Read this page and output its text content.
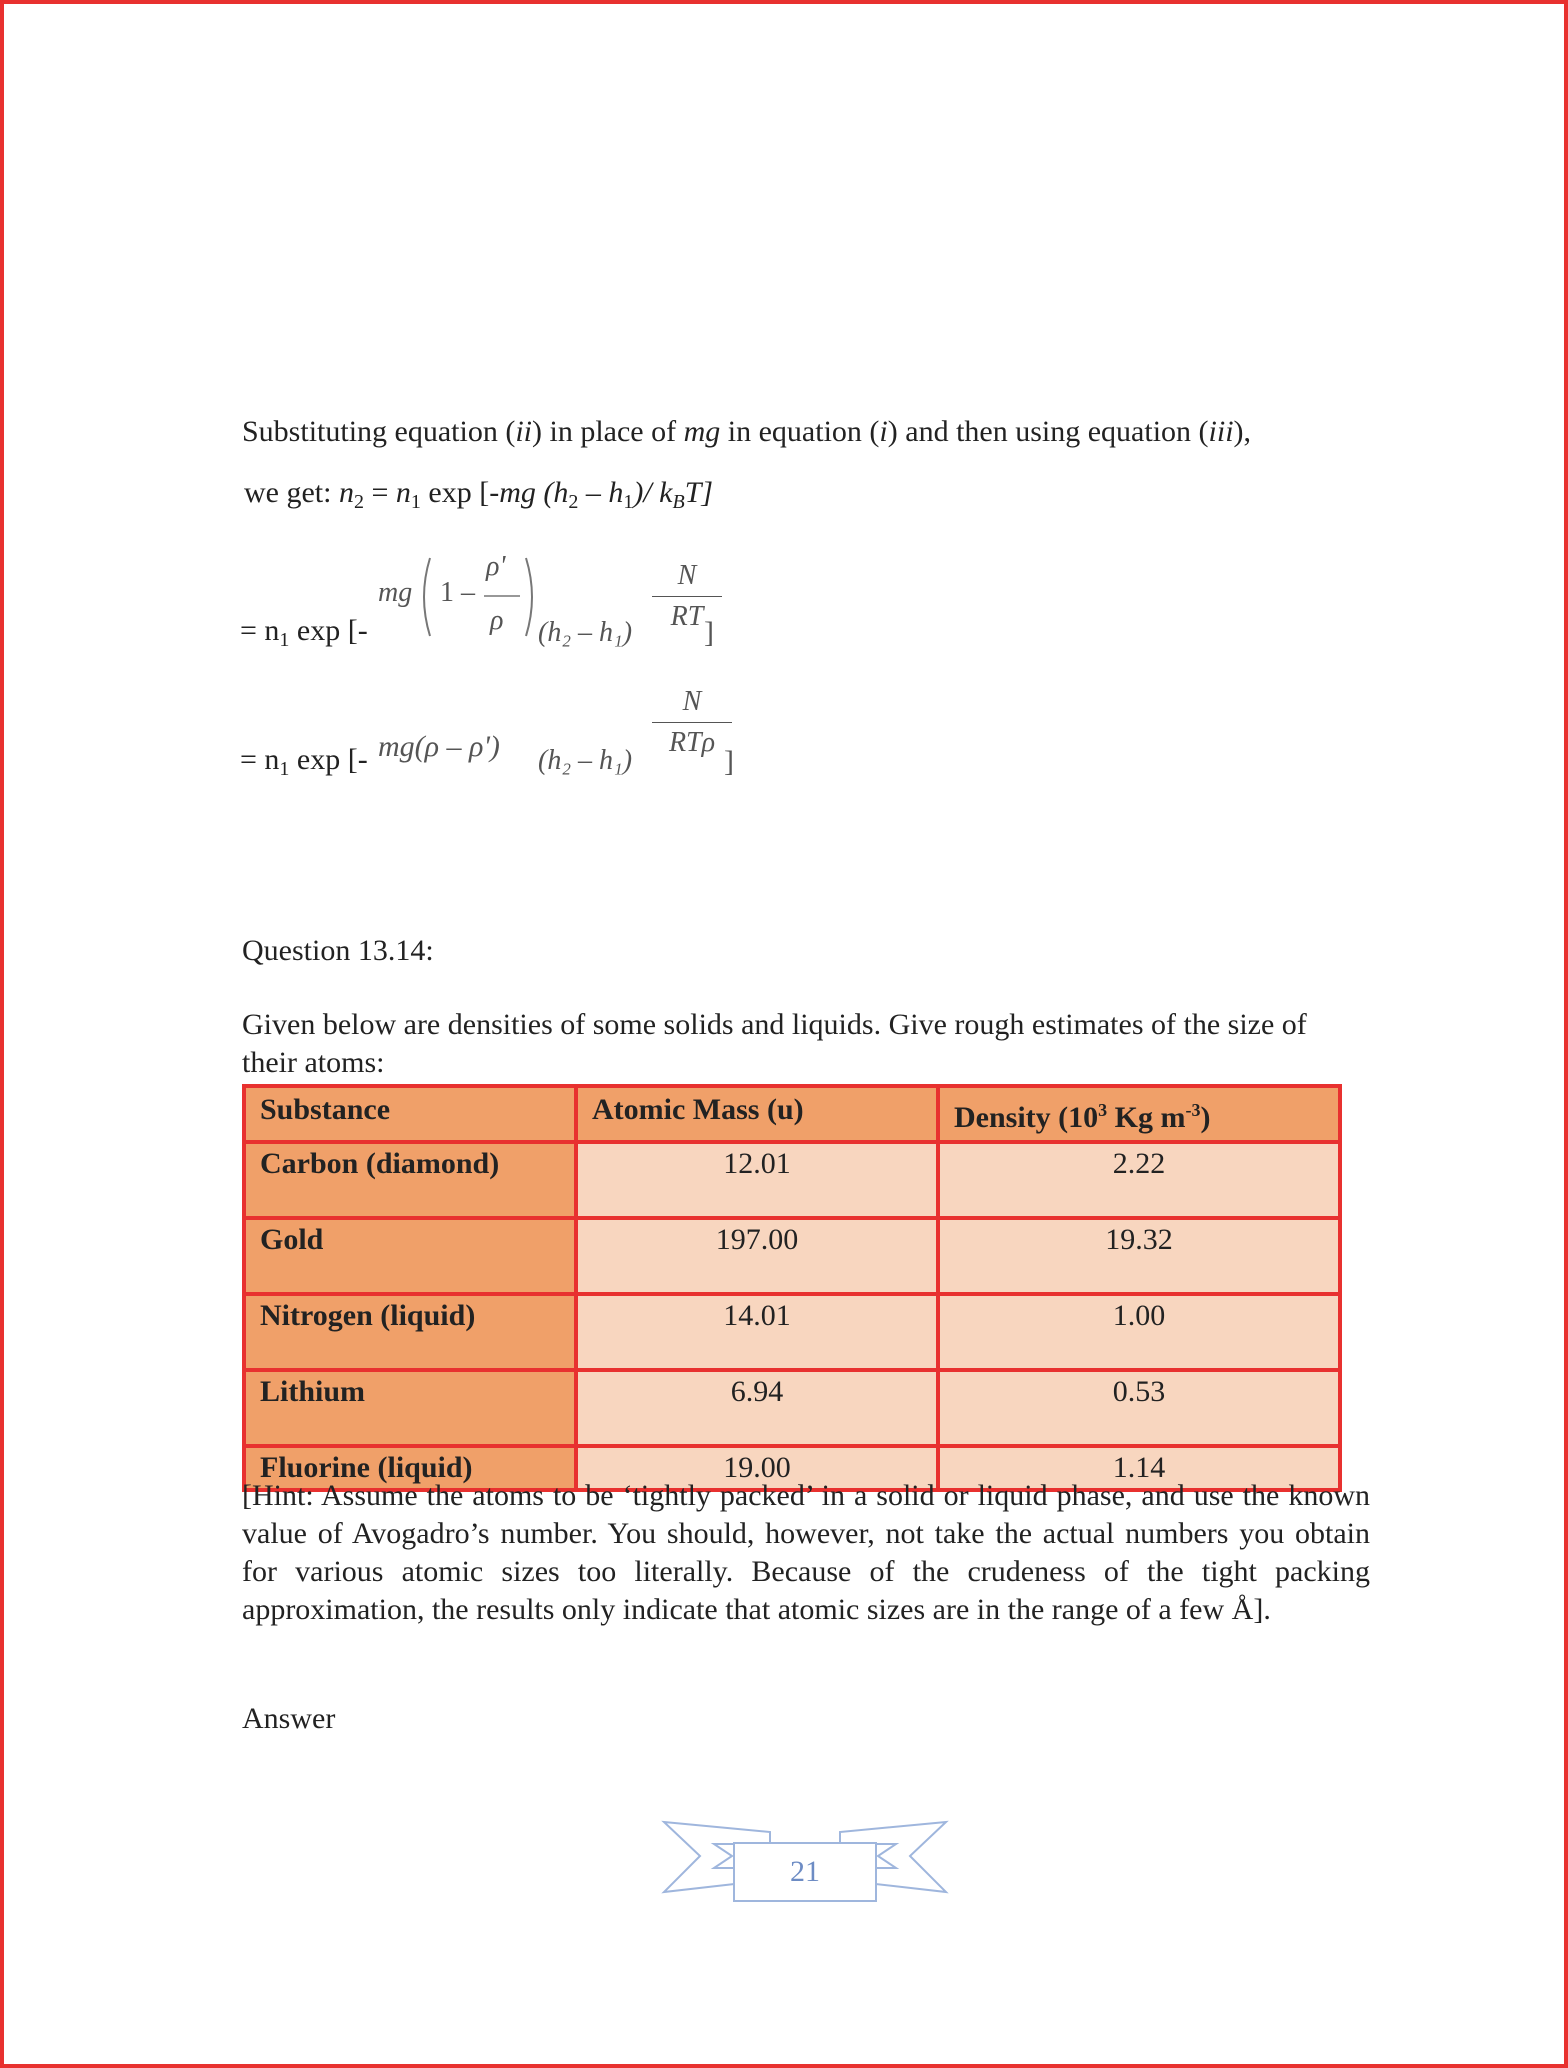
Substituting equation (ii) in place of mg in equation (i) and then using equation (iii),
we get: $n_2 = n_1$ exp [-mg $(h_2 - h_1)/$ $k_BT$]
= $n_1$ exp [-
mg 1 –
ρ'
ρ (h₂ – h₁)
N
RT ]
= $n_1$ exp [- mg(ρ – ρ') (h₂ – h₁)
N
RTρ
]
Question 13.14:

Given below are densities of some solids and liquids. Give rough estimates of the size of their atoms:

Substance	Atomic Mass (u)	Density ($10^3$ Kg $m^{-3}$)
Carbon (diamond)	12.01	2.22
Gold	197.00	19.32
Nitrogen (liquid)	14.01	1.00
Lithium	6.94	0.53
Fluorine (liquid)	19.00	1.14

[Hint: Assume the atoms to be ‘tightly packed’ in a solid or liquid phase, and use the known value of Avogadro’s number. You should, however, not take the actual numbers you obtain for various atomic sizes too literally. Because of the crudeness of the tight packing approximation, the results only indicate that atomic sizes are in the range of a few Å].

Answer
21
